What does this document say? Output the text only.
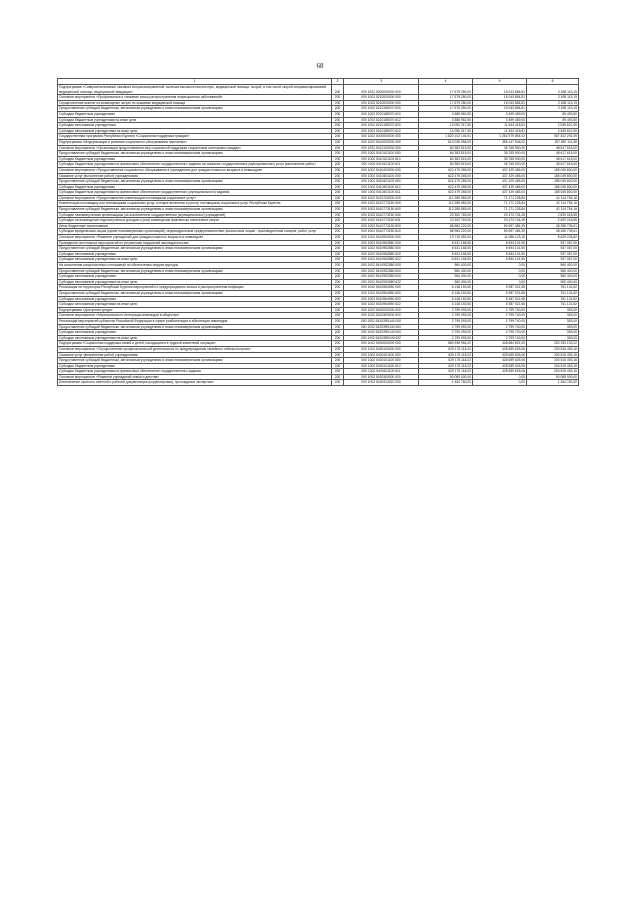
68
1	2	3	4	5	6
Подпрограмма «Совершенствование оказания специализированной, включая высокотехнологичную, медицинской помощи, скорой, в том числе скорой специализированной, медицинской помощи, медицинской эвакуации»	200	000 1002 5200000000 000	17 679 280,00	15 043 884,81	2 635 115,19
Основное мероприятие «Профилактика и снижение риска распространения инфекционных заболеваний»	200	000 1002 5210000000 000	17 679 280,00	15 043 884,81	2 635 115,19
Осуществление выплат на возмещение затрат по оказанию медицинской помощи	200	000 1002 5210000000 000	17 679 280,00	15 043 884,81	2 635 115,19
Предоставление субсидий бюджетным, автономным учреждениям и иным некоммерческим организациям	200	000 1002 5210185070 600	17 679 280,00	15 043 884,81	2 635 115,19
Субсидии бюджетным учреждениям	200	000 1002 5210185070 610	3 588 962,50	3 499 469,00	89 493,50
Субсидии бюджетным учреждениям на иные цели	200	000 1002 5210185070 612	3 588 962,50	3 499 469,00	89 493,50
Субсидии автономным учреждениям	200	000 1002 5210185070 620	14 090 317,50	11 544 415,81	2 545 621,69
Субсидии автономным учреждениям на иные цели	200	000 1002 5210185070 622	14 090 317,50	11 544 415,81	2 545 621,69
Государственная программа Республики Бурятия «Социальная поддержка граждан»	200	000 1002 5400000000 000	1 820 102 146,51	1 252 579 854,02	567 522 292,49
Подпрограмма «Модернизация и развитие социального обслуживания населения»	200	000 1002 5410000000 000	613 035 058,00	355 147 946,02	257 887 111,98
Основное мероприятие «Организация предоставления мер социальной поддержки социальным категориям граждан»	200	000 1002 5410100000 000	84 383 515,00	35 765 900,00	48 617 615,00
Предоставление субсидий бюджетным, автономным учреждениям и иным некоммерческим организациям	200	000 1002 5410101100 600	84 383 515,00	35 765 900,00	48 617 615,00
Субсидии бюджетным учреждениям	200	000 1002 5410101100 610	84 383 515,00	35 765 900,00	48 617 615,00
Субсидии бюджетным учреждениям на финансовое обеспечение государственного задания на оказание государственных (муниципальных) услуг (выполнение работ)	200	000 1002 5410101100 611	84 383 515,00	35 765 900,00	48 617 615,00
Основное мероприятие «Предоставление социального обслуживания в учреждениях для граждан пожилого возраста и инвалидов»	200	000 1002 5410400000 000	622 479 265,00	437 429 465,00	185 049 800,00
Оказание услуг (выполнение работ) учреждениями	200	000 1002 5410401100 000	622 479 265,00	437 429 465,00	185 049 800,00
Предоставление субсидий бюджетным, автономным учреждениям и иным некоммерческим организациям	200	000 1002 5410401100 600	622 479 265,00	437 429 465,00	185 049 800,00
Субсидии бюджетным учреждениям	200	000 1002 5410401100 610	622 479 265,00	437 429 465,00	185 049 800,00
Субсидии бюджетным учреждениям на финансовое обеспечение государственного (муниципального) задания	200	000 1002 5410401100 611	622 479 265,00	437 429 465,00	185 049 800,00
Основное мероприятие «Предоставление компенсации поставщикам социальных услуг»	200	000 1002 5410700000 000	112 285 983,00	71 171 228,84	41 114 754,16
Компенсация поставщику или поставщикам социальных услуг, которые включены в реестр поставщиков социальных услуг Республики Бурятия	200	000 1002 5410773150 000	112 285 983,00	71 171 228,84	41 114 754,16
Предоставление субсидий бюджетным, автономным учреждениям и иным некоммерческим организациям	200	000 1002 5410773150 600	112 285 983,00	71 171 228,84	41 114 754,16
Субсидии некоммерческим организациям (за исключением государственных (муниципальных) учреждений)	200	000 1002 5410773150 630	23 302 763,00	20 473 744,45	2 829 018,55
Субсидии на возмещение недополученных доходов и (или) возмещение фактически понесенных затрат	200	000 1002 5410773150 631	23 302 763,00	20 473 744,45	2 829 018,55
Иные бюджетные ассигнования	200	000 1002 5410773150 800	88 983 220,00	50 697 484,39	38 285 735,61
Субсидии юридическим лицам (кроме некоммерческих организаций), индивидуальным предпринимателям, физическим лицам - производителям товаров, работ, услуг	200	000 1002 5410773150 810	88 983 220,00	50 697 484,39	38 285 735,61
Основное мероприятие «Развитие учреждений для граждан пожилого возраста и инвалидов»	200	000 1002 5410900000 000	19 715 352,00	11 086 123,18	8 629 228,82
Проведение неотложных мероприятий по устранению нарушений законодательства	200	000 1002 5410962880 000	6 631 168,50	5 694 101,50	937 067,00
Предоставление субсидий бюджетным, автономным учреждениям и иным некоммерческим организациям	200	000 1002 5410962880 600	6 631 168,50	5 694 101,50	937 067,00
Субсидии автономным учреждениям	200	000 1002 5410962880 620	6 631 168,50	5 694 101,50	937 067,00
Субсидии автономным учреждениям на иные цели	200	000 1002 5410962880 622	6 631 168,50	5 694 101,50	937 067,00
На исполнение концессионных соглашений по обеспечению инфраструктуры	200	000 1002 54109S2880 000	960 400,00	0,00	960 400,00
Предоставление субсидий бюджетным, автономным учреждениям и иным некоммерческим организациям	200	000 1002 54109S2880 600	960 400,00	0,00	960 400,00
Субсидии автономным учреждениям	200	000 1002 54109S2880 620	960 400,00	0,00	960 400,00
Субсидии автономным учреждениям на иные цели	200	000 1002 54109S2880 622	960 400,00	0,00	960 400,00
Реализация на территории Республики Бурятия мероприятий по предупреждению заноса и распространения инфекции	200	000 1002 5410964950 000	6 148 153,50	5 387 021,68	761 131,82
Предоставление субсидий бюджетным, автономным учреждениям и иным некоммерческим организациям	200	000 1002 5410964950 600	6 148 153,50	5 387 021,68	761 131,82
Субсидии автономным учреждениям	200	000 1002 5410964950 620	6 148 153,50	5 387 021,68	761 131,82
Субсидии автономным учреждениям на иные цели	200	000 1002 5410964950 622	6 148 153,50	5 387 021,68	761 131,82
Подпрограмма «Доступная среда»	200	000 1002 5420000000 000	2 799 093,00	2 799 740,00	353,00
Основное мероприятие «Мероприятия по интеграции инвалидов в общество»	200	000 1002 5420300000 000	2 799 093,00	2 799 740,00	353,00
Реализация мероприятий субъектов Российской Федерации в сфере реабилитации и абилитации инвалидов	200	000 1002 54203R5140 000	2 799 093,00	2 799 740,00	353,00
Предоставление субсидий бюджетным, автономным учреждениям и иным некоммерческим организациям	200	000 1002 54203R5140 600	2 799 093,00	2 799 740,00	353,00
Субсидии автономным учреждениям	200	000 1002 54203R5140 620	2 799 093,00	2 799 740,00	353,00
Субсидии автономным учреждениям на иные цели	200	000 1002 54203R5140 622	2 799 093,00	2 799 740,00	353,00
Подпрограмма «Социальная поддержка семей и детей, находящихся в трудной жизненной ситуации»	200	000 1002 5430000000 000	680 938 954,22	428 684 801,00	252 253 153,22
Основное мероприятие «Осуществление профилактической деятельности по предупреждению семейного неблагополучия»	200	000 1002 5430100000 000	629 175 118,22	428 659 625,06	200 515 493,16
Оказание услуг (выполнение работ) учреждениями	200	000 1002 5430101100 000	629 175 118,22	428 659 625,06	200 515 493,16
Предоставление субсидий бюджетным, автономным учреждениям и иным некоммерческим организациям	200	000 1002 5430101100 600	629 175 118,22	428 659 625,06	200 515 493,16
Субсидии бюджетным учреждениям	200	000 1002 5430101100 610	629 175 118,22	428 659 625,06	200 515 493,16
Субсидии бюджетным учреждениям на финансовое обеспечение государственного задания	200	000 1002 5430101100 611	629 175 118,22	428 659 625,06	200 515 493,16
Основное мероприятие «Развитие учреждений семьи и детства»	200	000 1002 5430300000 000	50 089 000,00	0,00	50 089 000,00
Изготовление проектно-сметной и рабочей документации (корректировка), прохождение экспертизы	200	000 1002 5430314010 000	1 454 760,00	0,00	1 454 760,00
